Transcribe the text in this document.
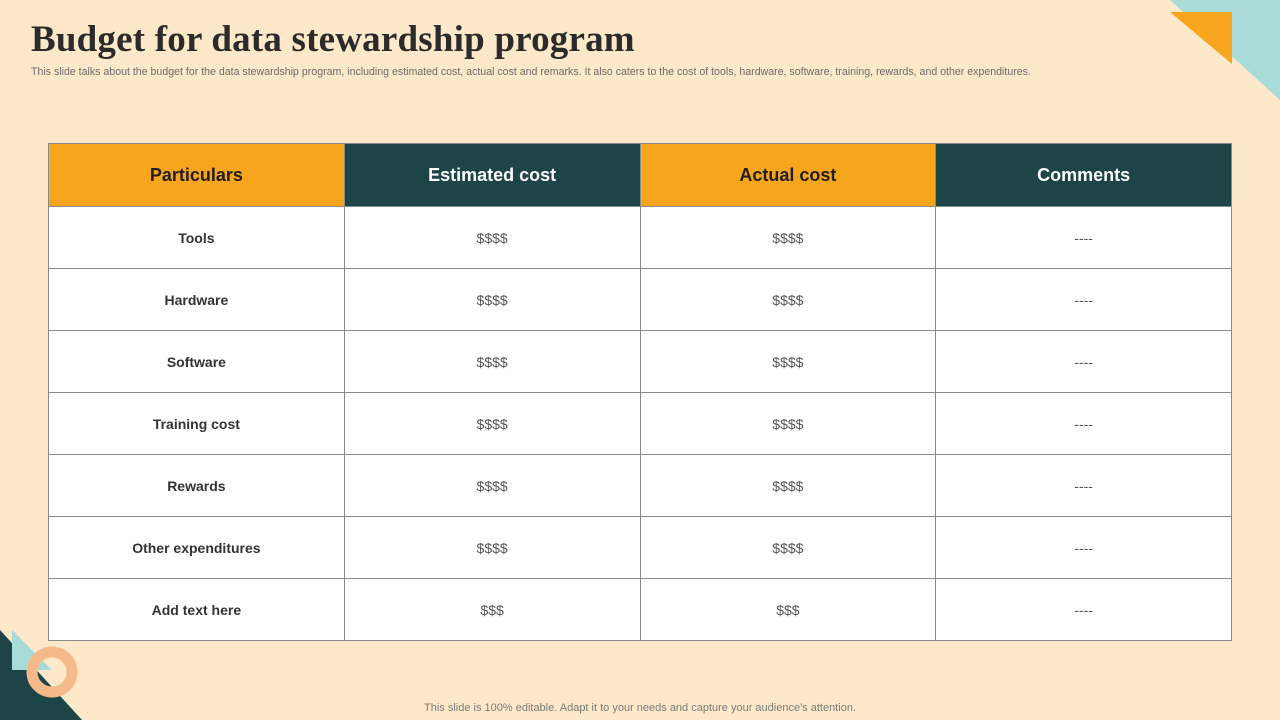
Budget for data stewardship program
This slide talks about the budget for the data stewardship program, including estimated cost, actual cost and remarks. It also caters to the cost of tools, hardware, software, training, rewards, and other expenditures.
Particulars	Estimated cost	Actual cost	Comments
Tools	$$$$	$$$$	----
Hardware	$$$$	$$$$	----
Software	$$$$	$$$$	----
Training cost	$$$$	$$$$	----
Rewards	$$$$	$$$$	----
Other expenditures	$$$$	$$$$	----
Add text here	$$$	$$$	----
This slide is 100% editable. Adapt it to your needs and capture your audience's attention.
